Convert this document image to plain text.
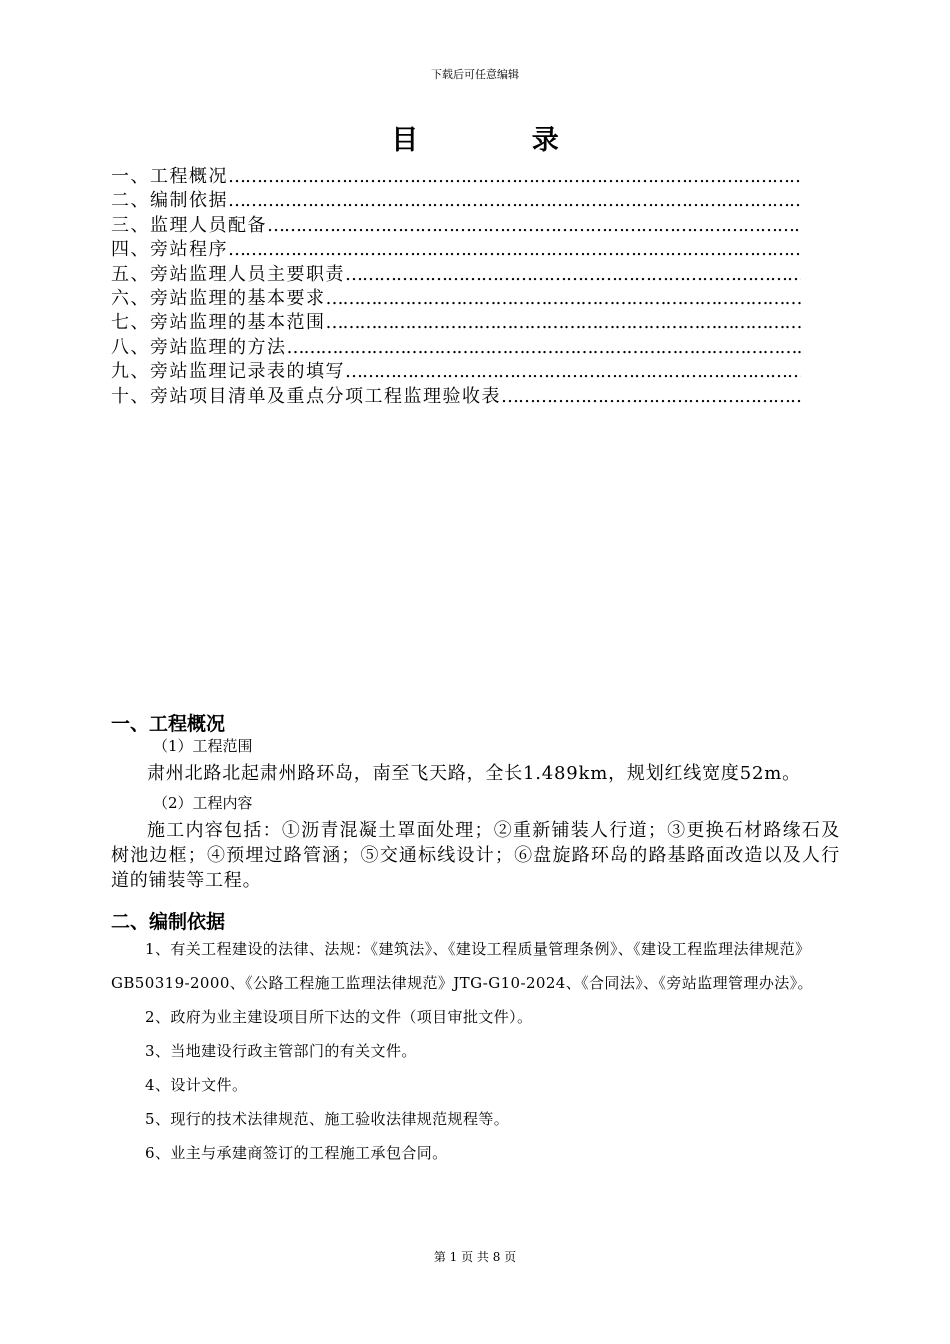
下载后可任意编辑
目 录
一、工程概况
…………………………………………………………………………………………………………………………………………
二、编制依据
…………………………………………………………………………………………………………………………………………
三、监理人员配备
…………………………………………………………………………………………………………………………………………
四、旁站程序
…………………………………………………………………………………………………………………………………………
五、旁站监理人员主要职责
…………………………………………………………………………………………………………………………………………
六、旁站监理的基本要求
…………………………………………………………………………………………………………………………………………
七、旁站监理的基本范围
…………………………………………………………………………………………………………………………………………
八、旁站监理的方法
…………………………………………………………………………………………………………………………………………
九、旁站监理记录表的填写
…………………………………………………………………………………………………………………………………………
十、旁站项目清单及重点分项工程监理验收表
…………………………………………………………………………………………………………………………………………
一、工程概况
（1）工程范围
肃州北路北起肃州路环岛，南至飞天路，全长1.489km，规划红线宽度52m。
（2）工程内容
施工内容包括：①沥青混凝土罩面处理；②重新铺装人行道；③更换石材路缘石及树池边框；④预埋过路管涵；⑤交通标线设计；⑥盘旋路环岛的路基路面改造以及人行道的铺装等工程。
二、编制依据
1、有关工程建设的法律、法规：《建筑法》、《建设工程质量管理条例》、《建设工程监理法律规范》GB50319-2000、《公路工程施工监理法律规范》JTG-G10-2024、《合同法》、《旁站监理管理办法》。
2、政府为业主建设项目所下达的文件（项目审批文件）。
3、当地建设行政主管部门的有关文件。
4、设计文件。
5、现行的技术法律规范、施工验收法律规范规程等。
6、业主与承建商签订的工程施工承包合同。
第 1 页 共 8 页
